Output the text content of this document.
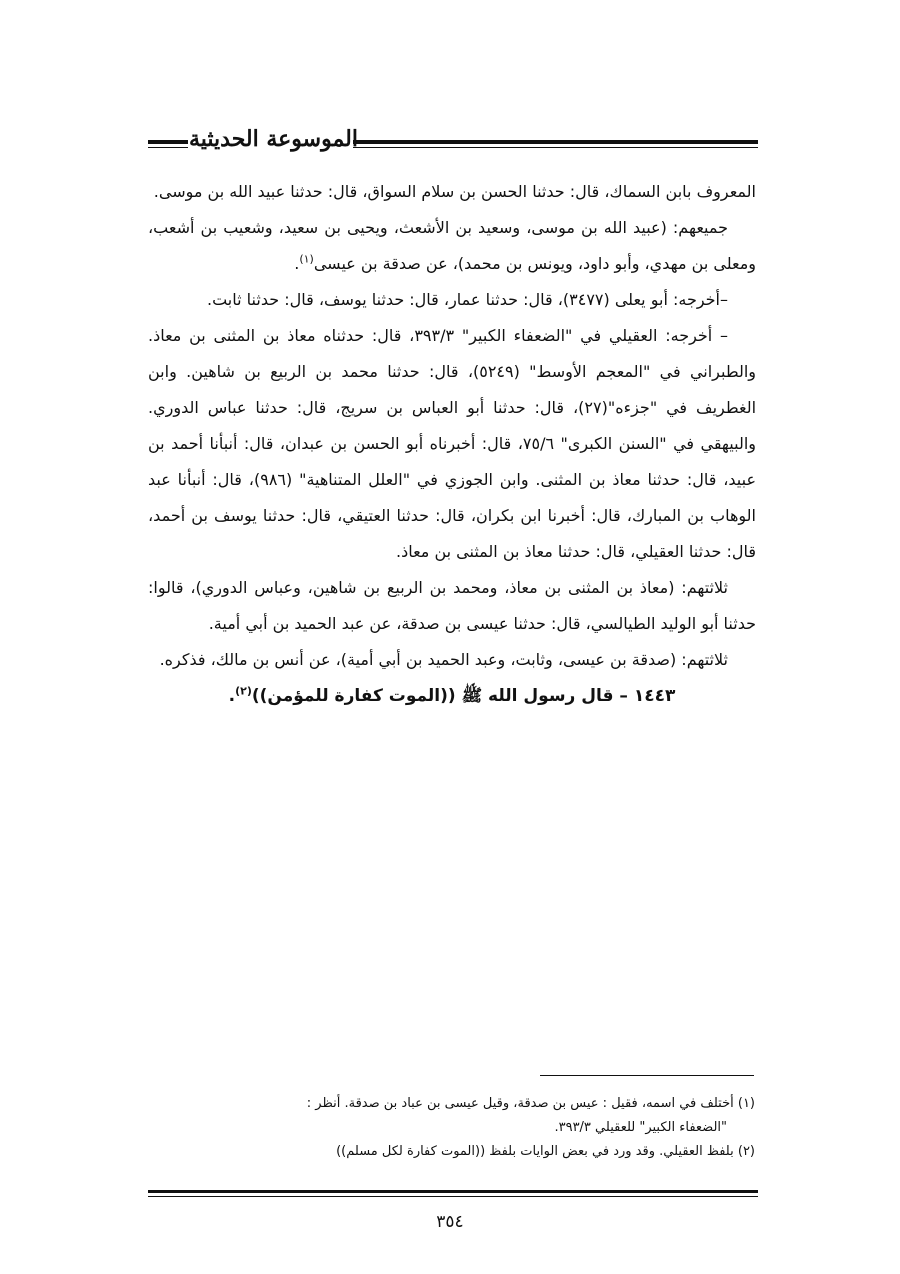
الموسوعة الحديثية

المعروف بابن السماك، قال: حدثنا الحسن بن سلام السواق، قال: حدثنا عبيد الله بن موسى.

جميعهم: (عبيد الله بن موسى، وسعيد بن الأشعث، ويحيى بن سعيد، وشعيب بن أشعب، ومعلى بن مهدي، وأبو داود، ويونس بن محمد)، عن صدقة بن عيسى$^{(١)}$.

–أخرجه: أبو يعلى (٣٤٧٧)، قال: حدثنا عمار، قال: حدثنا يوسف، قال: حدثنا ثابت.

– أخرجه: العقيلي في "الضعفاء الكبير" ٣٩٣/٣، قال: حدثناه معاذ بن المثنى بن معاذ. والطبراني في "المعجم الأوسط" (٥٢٤٩)، قال: حدثنا محمد بن الربيع بن شاهين. وابن الغطريف في "جزءه"(٢٧)، قال: حدثنا أبو العباس بن سريج، قال: حدثنا عباس الدوري. والبيهقي في "السنن الكبرى" ٧٥/٦، قال: أخبرناه أبو الحسن بن عبدان، قال: أنبأنا أحمد بن عبيد، قال: حدثنا معاذ بن المثنى. وابن الجوزي في "العلل المتناهية" (٩٨٦)، قال: أنبأنا عبد الوهاب بن المبارك، قال: أخبرنا ابن بكران، قال: حدثنا العتيقي، قال: حدثنا يوسف بن أحمد، قال: حدثنا العقيلي، قال: حدثنا معاذ بن المثنى بن معاذ.

ثلاثتهم: (معاذ بن المثنى بن معاذ، ومحمد بن الربيع بن شاهين، وعباس الدوري)، قالوا: حدثنا أبو الوليد الطيالسي، قال: حدثنا عيسى بن صدقة، عن عبد الحميد بن أبي أمية.

ثلاثتهم: (صدقة بن عيسى، وثابت، وعبد الحميد بن أبي أمية)، عن أنس بن مالك، فذكره.

١٤٤٣ – قال رسول الله ﷺ ((الموت كفارة للمؤمن))$^{(٢)}$.

(١) أختلف في اسمه، فقيل : عيس بن صدقة، وقيل عيسى بن عباد بن صدقة. أنظر :

"الضعفاء الكبير" للعقيلي ٣٩٣/٣.

(٢) بلفظ العقيلي. وقد ورد في بعض الوايات بلفظ ((الموت كفارة لكل مسلم))

٣٥٤
